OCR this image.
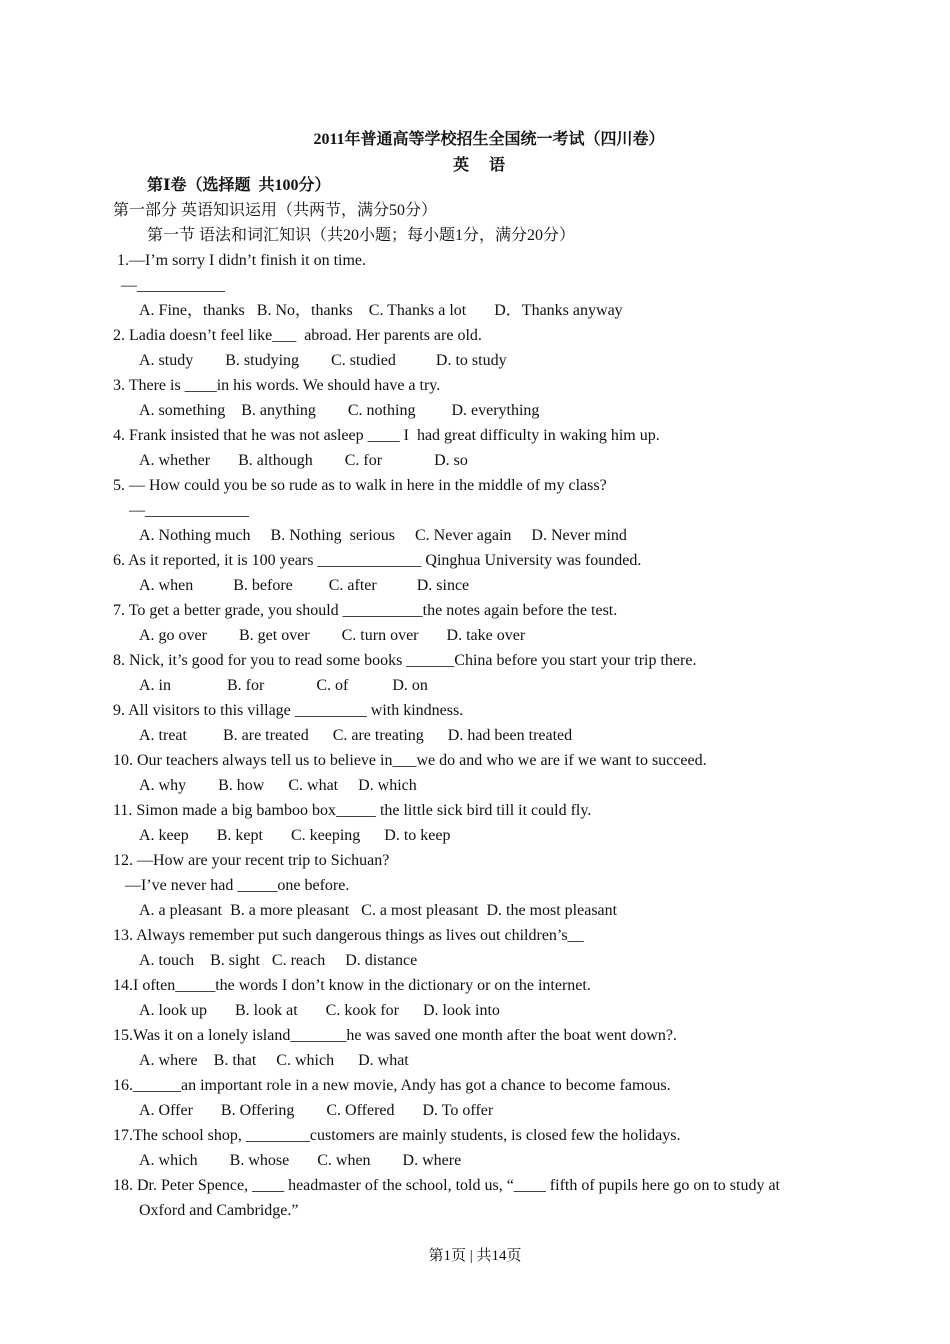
2011年普通高等学校招生全国统一考试（四川卷）
英 语
第Ⅰ卷（选择题  共100分）
第一部分 英语知识运用（共两节，满分50分）
第一节 语法和词汇知识（共20小题；每小题1分，满分20分）
1.—I’m sorry I didn’t finish it on time.
—___________
A. Fine，thanks   B. No，thanks    C. Thanks a lot       D．Thanks anyway
2. Ladia doesn’t feel like___  abroad. Her parents are old.
A. study        B. studying        C. studied          D. to study
3. There is ____in his words. We should have a try.
A. something    B. anything        C. nothing         D. everything
4. Frank insisted that he was not asleep ____ I  had great difficulty in waking him up.
A. whether       B. although        C. for             D. so
5. — How could you be so rude as to walk in here in the middle of my class?
—_____________
A. Nothing much     B. Nothing  serious     C. Never again     D. Never mind
6. As it reported, it is 100 years _____________ Qinghua University was founded.
A. when          B. before         C. after          D. since
7. To get a better grade, you should __________the notes again before the test.
A. go over        B. get over        C. turn over       D. take over
8. Nick, it’s good for you to read some books ______China before you start your trip there.
A. in              B. for             C. of           D. on
9. All visitors to this village _________ with kindness.
A. treat         B. are treated      C. are treating      D. had been treated
10. Our teachers always tell us to believe in___we do and who we are if we want to succeed.
A. why        B. how      C. what     D. which
11. Simon made a big bamboo box_____ the little sick bird till it could fly.
A. keep       B. kept       C. keeping      D. to keep
12. —How are your recent trip to Sichuan?
—I’ve never had _____one before.
A. a pleasant  B. a more pleasant   C. a most pleasant  D. the most pleasant
13. Always remember put such dangerous things as lives out children’s__
A. touch    B. sight   C. reach     D. distance
14.I often_____the words I don’t know in the dictionary or on the internet.
A. look up       B. look at       C. kook for      D. look into
15.Was it on a lonely island_______he was saved one month after the boat went down?.
A. where    B. that     C. which      D. what
16.______an important role in a new movie, Andy has got a chance to become famous.
A. Offer       B. Offering        C. Offered       D. To offer
17.The school shop, ________customers are mainly students, is closed few the holidays.
A. which        B. whose       C. when        D. where
18. Dr. Peter Spence, ____ headmaster of the school, told us, “____ fifth of pupils here go on to study at
Oxford and Cambridge.”
第1页 | 共14页
